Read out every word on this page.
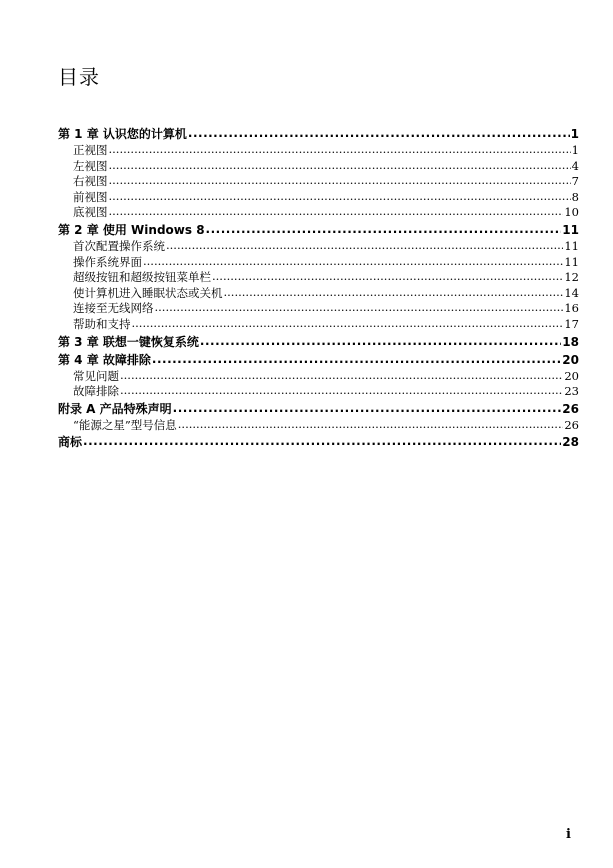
目录
第 1 章 认识您的计算机 .....	1
正视图 .....	1
左视图 .....	4
右视图 .....	7
前视图 .....	8
底视图 .....	10
第 2 章 使用 Windows 8 .....	11
首次配置操作系统 .....	11
操作系统界面 .....	11
超级按钮和超级按钮菜单栏 .....	12
使计算机进入睡眠状态或关机 .....	14
连接至无线网络 .....	16
帮助和支持 .....	17
第 3 章 联想一键恢复系统 .....	18
第 4 章 故障排除 .....	20
常见问题 .....	20
故障排除 .....	23
附录 A 产品特殊声明 .....	26
“能源之星”型号信息 .....	26
商标 .....	28
i
